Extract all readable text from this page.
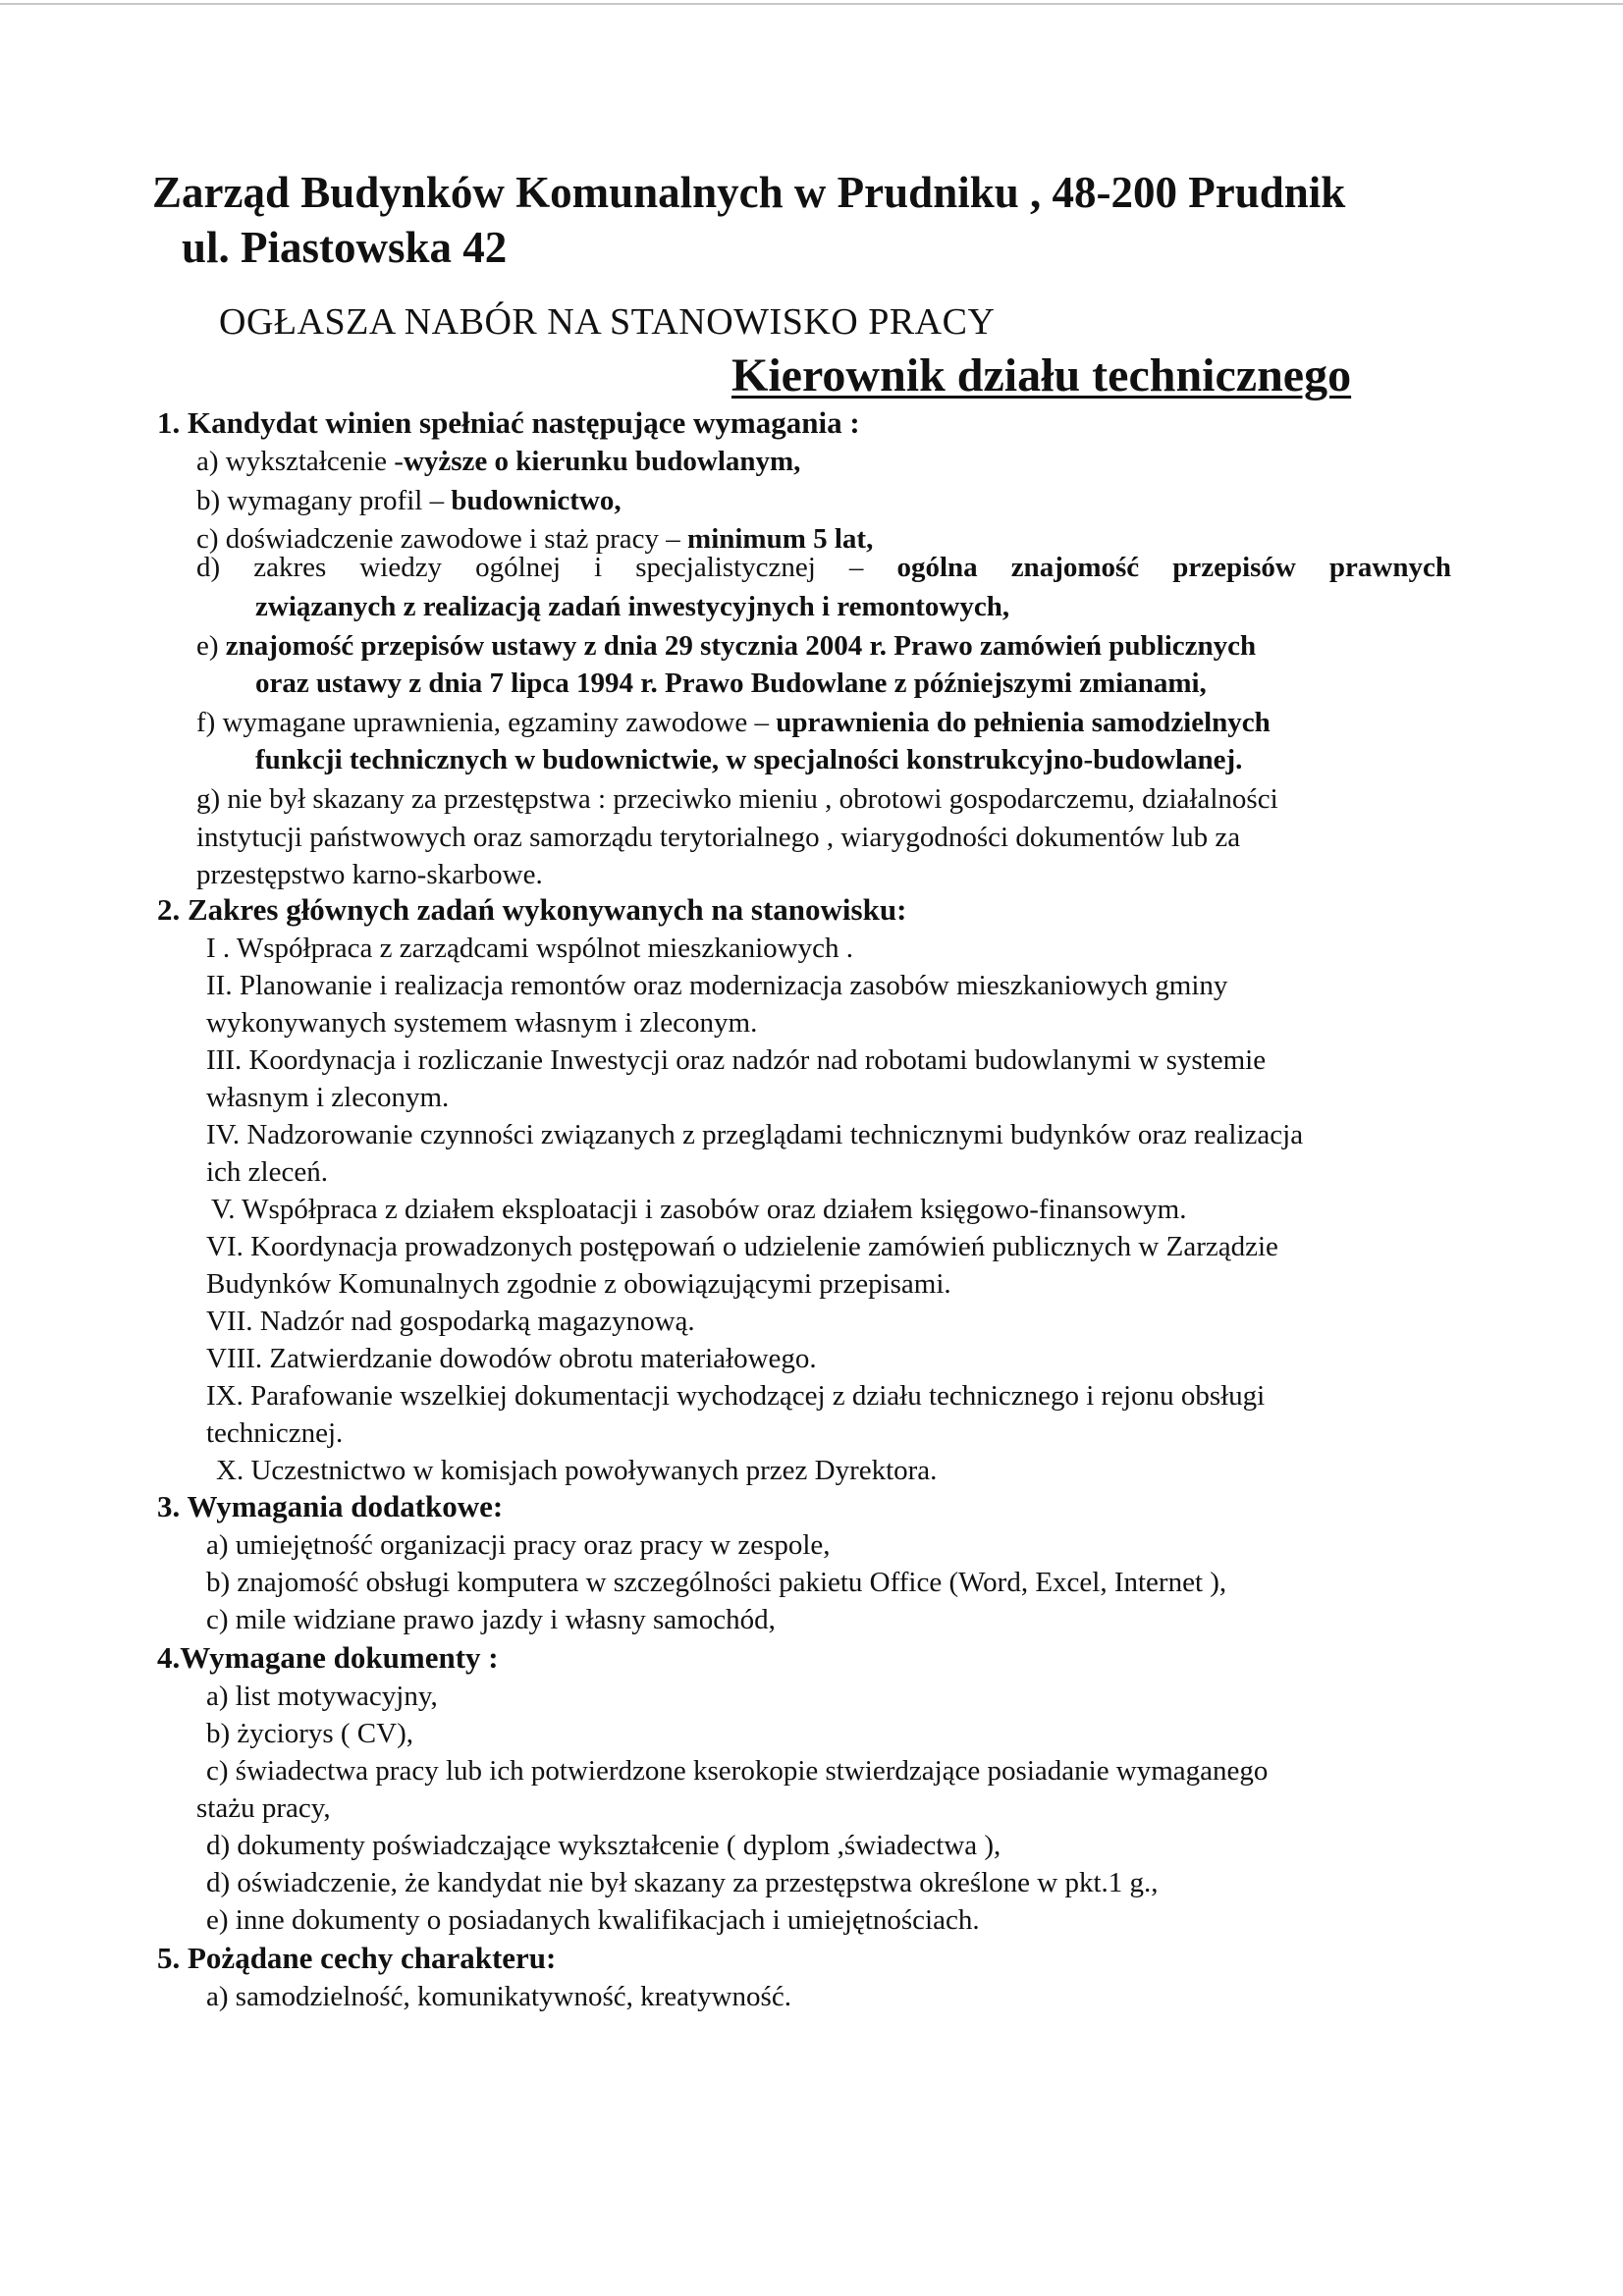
Zarząd Budynków Komunalnych w Prudniku , 48-200 Prudnik
ul. Piastowska 42
OGŁASZA NABÓR NA STANOWISKO PRACY
Kierownik działu technicznego
1. Kandydat winien spełniać następujące wymagania :
a) wykształcenie -wyższe o kierunku budowlanym,
b) wymagany profil – budownictwo,
c) doświadczenie zawodowe i staż pracy – minimum 5 lat,
d) zakres wiedzy ogólnej i specjalistycznej – ogólna znajomość przepisów prawnych
związanych z realizacją zadań inwestycyjnych i remontowych,
e) znajomość przepisów ustawy z dnia 29 stycznia 2004 r. Prawo zamówień publicznych
oraz ustawy z dnia 7 lipca 1994 r. Prawo Budowlane z późniejszymi zmianami,
f) wymagane uprawnienia, egzaminy zawodowe – uprawnienia do pełnienia samodzielnych
funkcji technicznych w budownictwie, w specjalności konstrukcyjno-budowlanej.
g) nie był skazany za przestępstwa : przeciwko mieniu , obrotowi gospodarczemu, działalności
instytucji państwowych oraz samorządu terytorialnego , wiarygodności dokumentów lub za
przestępstwo karno-skarbowe.
2. Zakres głównych zadań wykonywanych na stanowisku:
I . Współpraca z zarządcami wspólnot mieszkaniowych .
II. Planowanie i realizacja remontów oraz modernizacja zasobów mieszkaniowych gminy
wykonywanych systemem własnym i zleconym.
III. Koordynacja i rozliczanie Inwestycji oraz nadzór nad robotami budowlanymi w systemie
własnym i zleconym.
IV. Nadzorowanie czynności związanych z przeglądami technicznymi budynków oraz realizacja
ich zleceń.
V. Współpraca z działem eksploatacji i zasobów oraz działem księgowo-finansowym.
VI. Koordynacja prowadzonych postępowań o udzielenie zamówień publicznych w Zarządzie
Budynków Komunalnych zgodnie z obowiązującymi przepisami.
VII. Nadzór nad gospodarką magazynową.
VIII. Zatwierdzanie dowodów obrotu materiałowego.
IX. Parafowanie wszelkiej dokumentacji wychodzącej z działu technicznego i rejonu obsługi
technicznej.
X. Uczestnictwo w komisjach powoływanych przez Dyrektora.
3. Wymagania dodatkowe:
a) umiejętność organizacji pracy oraz pracy w zespole,
b) znajomość obsługi komputera w szczególności pakietu Office (Word, Excel, Internet ),
c) mile widziane prawo jazdy i własny samochód,
4.Wymagane dokumenty :
a) list motywacyjny,
b) życiorys ( CV),
c) świadectwa pracy lub ich potwierdzone kserokopie stwierdzające posiadanie wymaganego
stażu pracy,
d) dokumenty poświadczające wykształcenie ( dyplom ,świadectwa ),
d) oświadczenie, że kandydat nie był skazany za przestępstwa określone w pkt.1 g.,
e) inne dokumenty o posiadanych kwalifikacjach i umiejętnościach.
5. Pożądane cechy charakteru:
a) samodzielność, komunikatywność, kreatywność.
